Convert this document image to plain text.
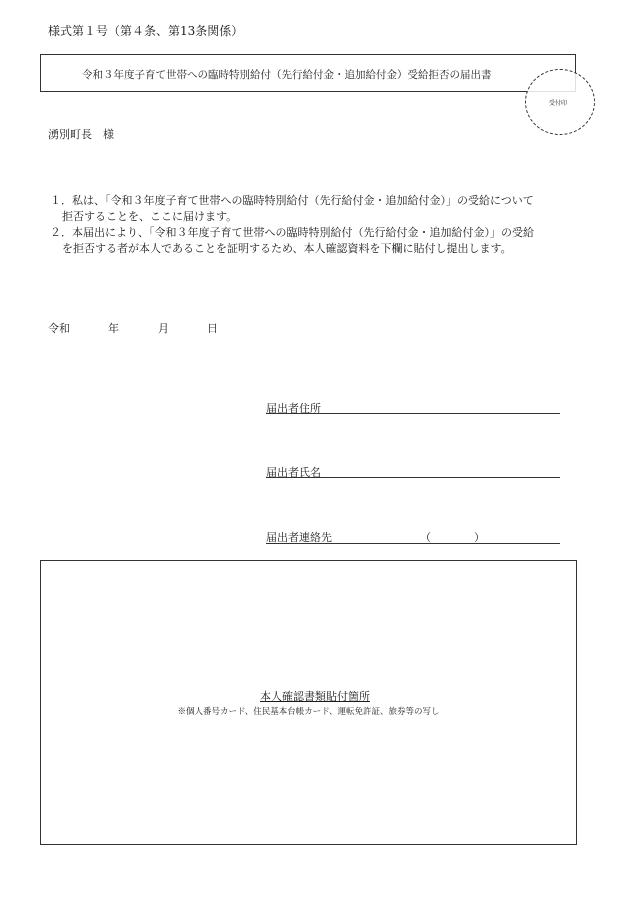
様式第１号（第４条、第13条関係）
令和３年度子育て世帯への臨時特別給付（先行給付金・追加給付金）受給拒否の届出書
受付印
湧別町長　様
１．私は、「令和３年度子育て世帯への臨時特別給付（先行給付金・追加給付金）」の受給について
拒否することを、ここに届けます。
２．本届出により、「令和３年度子育て世帯への臨時特別給付（先行給付金・追加給付金）」の受給
を拒否する者が本人であることを証明するため、本人確認資料を下欄に貼付し提出します。
令和	年	月	日
届出者住所
届出者氏名
届出者連絡先	（	）
本人確認書類貼付箇所
※個人番号カード、住民基本台帳カード、運転免許証、旅券等の写し
